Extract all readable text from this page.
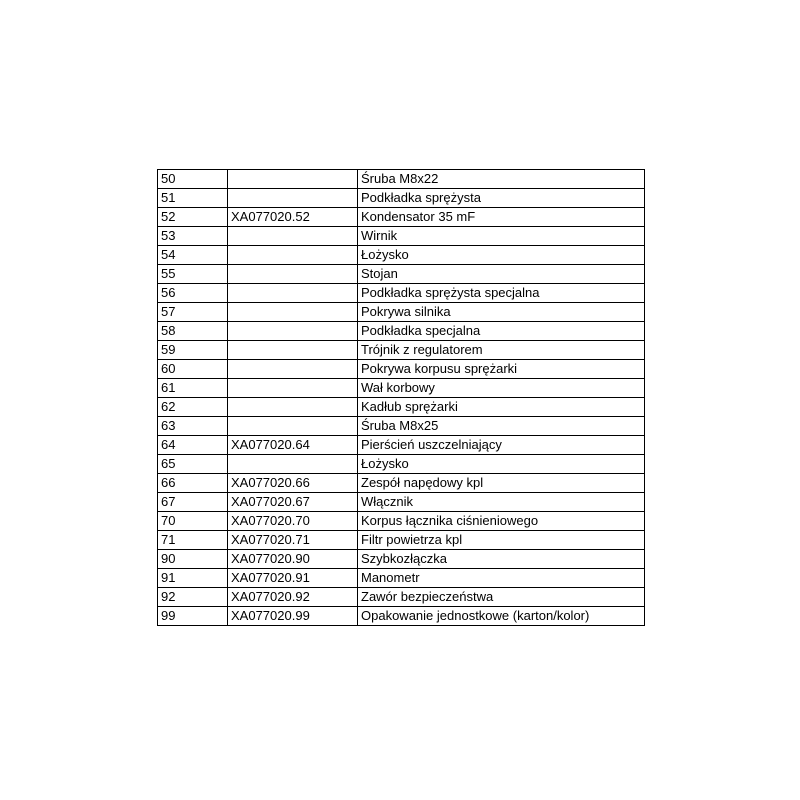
50		Śruba M8x22
51		Podkładka sprężysta
52	XA077020.52	Kondensator 35 mF
53		Wirnik
54		Łożysko
55		Stojan
56		Podkładka sprężysta specjalna
57		Pokrywa silnika
58		Podkładka specjalna
59		Trójnik z regulatorem
60		Pokrywa korpusu sprężarki
61		Wał korbowy
62		Kadłub sprężarki
63		Śruba M8x25
64	XA077020.64	Pierścień uszczelniający
65		Łożysko
66	XA077020.66	Zespół napędowy kpl
67	XA077020.67	Włącznik
70	XA077020.70	Korpus łącznika ciśnieniowego
71	XA077020.71	Filtr powietrza kpl
90	XA077020.90	Szybkozłączka
91	XA077020.91	Manometr
92	XA077020.92	Zawór bezpieczeństwa
99	XA077020.99	Opakowanie jednostkowe (karton/kolor)
